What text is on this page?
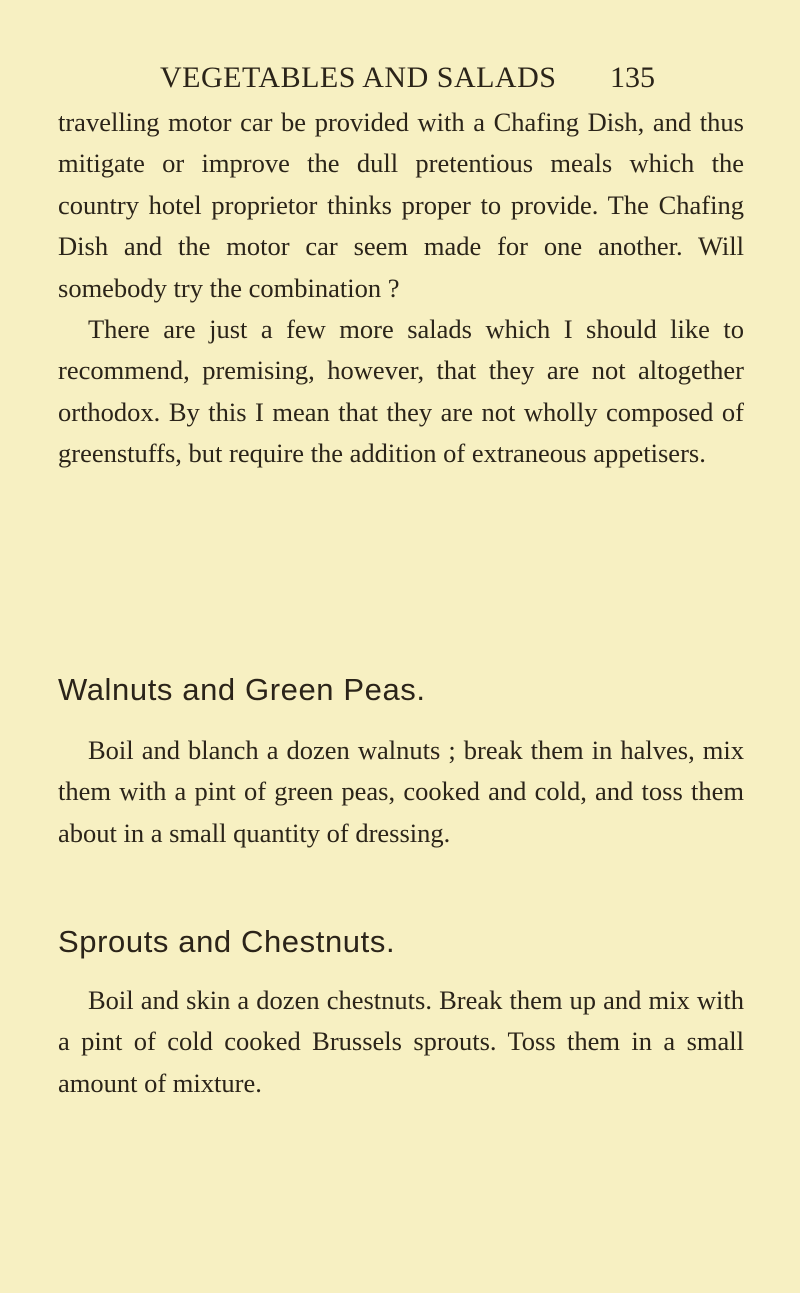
VEGETABLES AND SALADS 135

travelling motor car be provided with a Chafing Dish, and thus mitigate or improve the dull pretentious meals which the country hotel proprietor thinks proper to provide. The Chafing Dish and the motor car seem made for one another. Will somebody try the combination ?

There are just a few more salads which I should like to recommend, premising, however, that they are not altogether orthodox. By this I mean that they are not wholly composed of greenstuffs, but require the addition of extraneous appetisers.

Walnuts and Green Peas.

Boil and blanch a dozen walnuts ; break them in halves, mix them with a pint of green peas, cooked and cold, and toss them about in a small quantity of dressing.

Sprouts and Chestnuts.

Boil and skin a dozen chestnuts. Break them up and mix with a pint of cold cooked Brussels sprouts. Toss them in a small amount of mixture.
